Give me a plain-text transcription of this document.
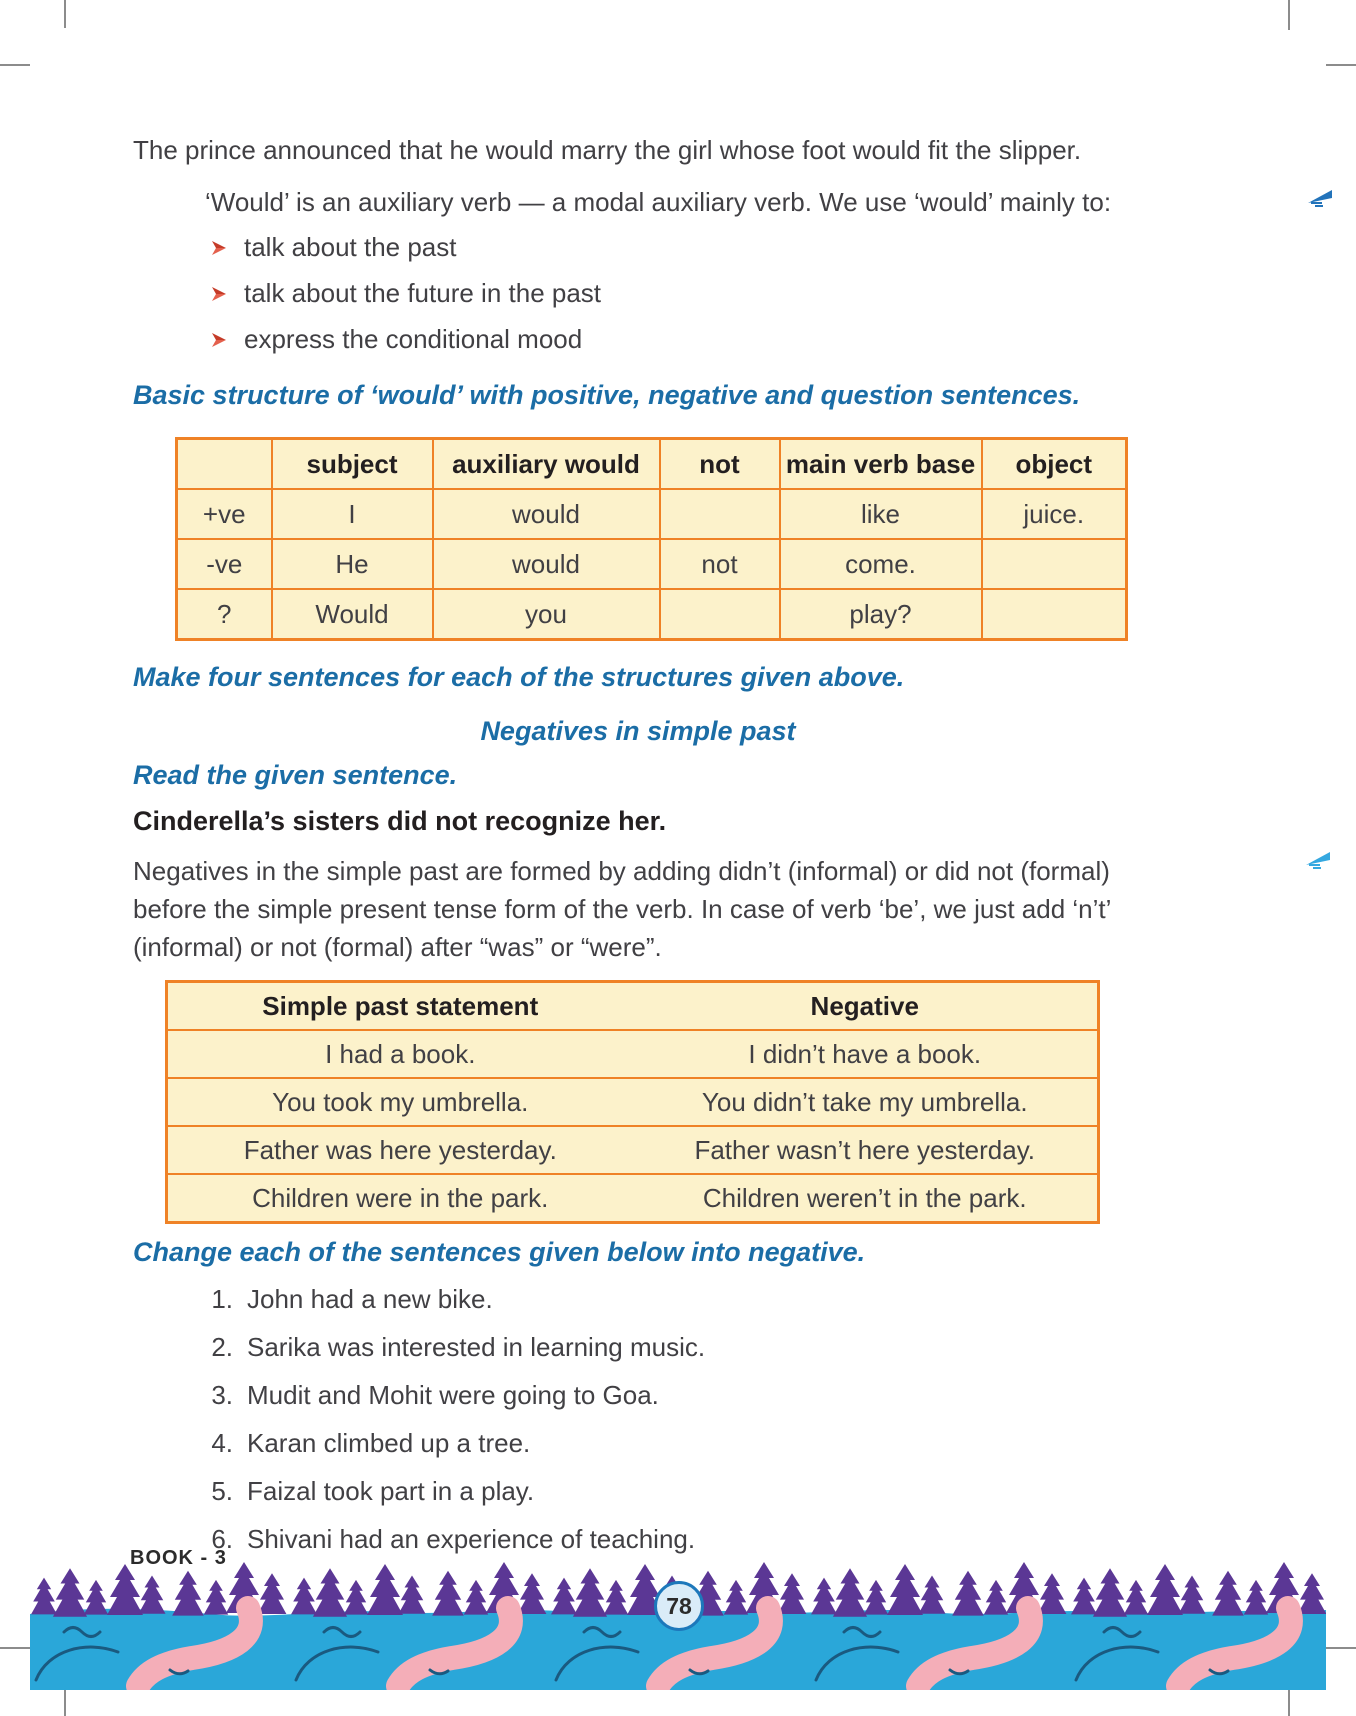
The prince announced that he would marry the girl whose foot would fit the slipper.

‘Would’ is an auxiliary verb — a modal auxiliary verb. We use ‘would’ mainly to:

talk about the past
talk about the future in the past
express the conditional mood

Basic structure of ‘would’ with positive, negative and question sentences.

	subject	auxiliary would	not	main verb base	object
+ve	I	would		like	juice.
-ve	He	would	not	come.	
?	Would	you		play?	

Make four sentences for each of the structures given above.

Negatives in simple past

Read the given sentence.

Cinderella’s sisters did not recognize her.

Negatives in the simple past are formed by adding didn’t (informal) or did not (formal) before the simple present tense form of the verb. In case of verb ‘be’, we just add ‘n’t’ (informal) or not (formal) after “was” or “were”.

Simple past statement	Negative
I had a book.	I didn’t have a book.
You took my umbrella.	You didn’t take my umbrella.
Father was here yesterday.	Father wasn’t here yesterday.
Children were in the park.	Children weren’t in the park.

Change each of the sentences given below into negative.

1. John had a new bike.
2. Sarika was interested in learning music.
3. Mudit and Mohit were going to Goa.
4. Karan climbed up a tree.
5. Faizal took part in a play.
6. Shivani had an experience of teaching.
BOOK - 3
78
